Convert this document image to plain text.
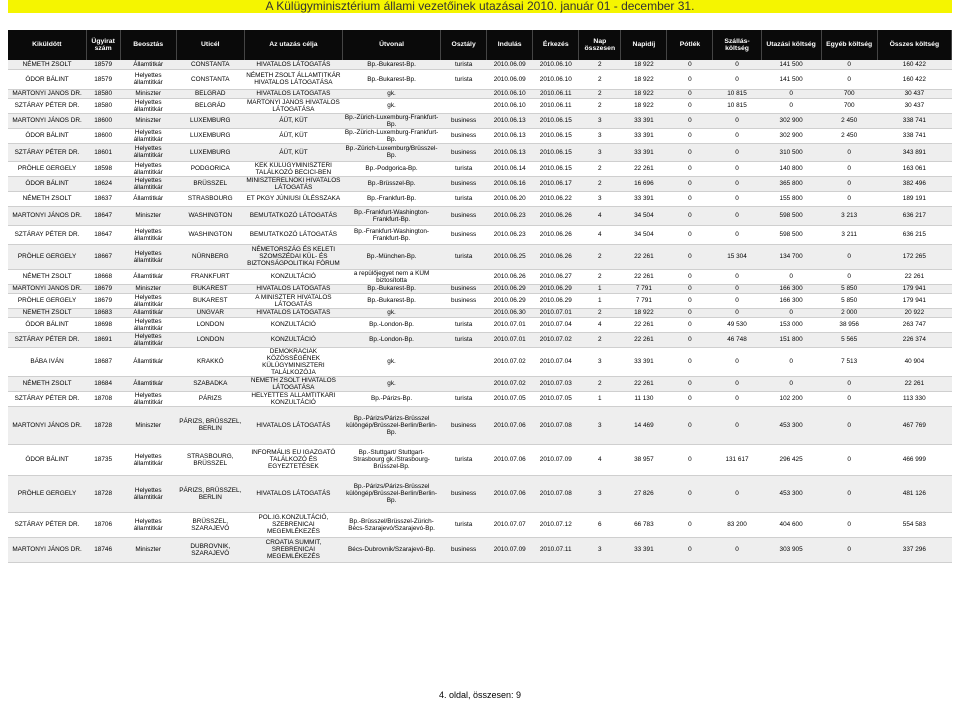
A Külügyminisztérium állami vezetőinek utazásai 2010. január 01 - december 31.
Kiküldött	Ügyirat szám	Beosztás	Uticél	Az utazás célja	Útvonal	Osztály	Indulás	Érkezés	Nap összesen	Napidíj	Pótlék	Szállás-költség	Utazási költség	Egyéb költség	Összes költség
NÉMETH ZSOLT	18579	Államtitkár	CONSTANTA	HIVATALOS LÁTOGATÁS	Bp.-Bukarest-Bp.	turista	2010.06.09	2010.06.10	2	18 922	0	0	141 500	0	160 422
ÓDOR BÁLINT	18579	Helyettes államtitkár	CONSTANTA	NÉMETH ZSOLT ÁLLAMTITKÁR HIVATALOS LÁTOGATÁSA	Bp.-Bukarest-Bp.	turista	2010.06.09	2010.06.10	2	18 922	0	0	141 500	0	160 422
MARTONYI JÁNOS DR.	18580	Miniszter	BELGRÁD	HIVATALOS LÁTOGATÁS	gk.		2010.06.10	2010.06.11	2	18 922	0	10 815	0	700	30 437
SZTÁRAY PÉTER DR.	18580	Helyettes államtitkár	BELGRÁD	MARTONYI JÁNOS HIVATALOS LÁTOGATÁSA	gk.		2010.06.10	2010.06.11	2	18 922	0	10 815	0	700	30 437
MARTONYI JÁNOS DR.	18600	Miniszter	LUXEMBURG	ÁÜT, KÜT	Bp.-Zürich-Luxemburg-Frankfurt-Bp.	business	2010.06.13	2010.06.15	3	33 391	0	0	302 900	2 450	338 741
ÓDOR BÁLINT	18600	Helyettes államtitkár	LUXEMBURG	ÁÜT, KÜT	Bp.-Zürich-Luxemburg-Frankfurt-Bp.	business	2010.06.13	2010.06.15	3	33 391	0	0	302 900	2 450	338 741
SZTÁRAY PÉTER DR.	18601	Helyettes államtitkár	LUXEMBURG	ÁÜT, KÜT	Bp.-Zürich-Luxemburg/Brüsszel-Bp.	business	2010.06.13	2010.06.15	3	33 391	0	0	310 500	0	343 891
PRÖHLE GERGELY	18598	Helyettes államtitkár	PODGORICA	KEK KÜLÜGYMINISZTERI TALÁLKOZÓ BECICI-BEN	Bp.-Podgorica-Bp.	turista	2010.06.14	2010.06.15	2	22 261	0	0	140 800	0	163 061
ÓDOR BÁLINT	18624	Helyettes államtitkár	BRÜSSZEL	MINISZTERELNÖKI HIVATALOS LÁTOGATÁS	Bp.-Brüsszel-Bp.	business	2010.06.16	2010.06.17	2	16 696	0	0	365 800	0	382 496
NÉMETH ZSOLT	18637	Államtitkár	STRASBOURG	ET PKGY JÚNIUSI ÜLÉSSZAKA	Bp.-Frankfurt-Bp.	turista	2010.06.20	2010.06.22	3	33 391	0	0	155 800	0	189 191
MARTONYI JÁNOS DR.	18647	Miniszter	WASHINGTON	BEMUTATKOZÓ LÁTOGATÁS	Bp.-Frankfurt-Washington-Frankfurt-Bp.	business	2010.06.23	2010.06.26	4	34 504	0	0	598 500	3 213	636 217
SZTÁRAY PÉTER DR.	18647	Helyettes államtitkár	WASHINGTON	BEMUTATKOZÓ LÁTOGATÁS	Bp.-Frankfurt-Washington-Frankfurt-Bp.	business	2010.06.23	2010.06.26	4	34 504	0	0	598 500	3 211	636 215
PRÖHLE GERGELY	18667	Helyettes államtitkár	NÜRNBERG	NÉMETORSZÁG ÉS KELETI SZOMSZÉDAI KÜL- ÉS BIZTONSÁGPOLITIKAI FÓRUM	Bp.-München-Bp.	turista	2010.06.25	2010.06.26	2	22 261	0	15 304	134 700	0	172 265
NÉMETH ZSOLT	18668	Államtitkár	FRANKFURT	KONZULTÁCIÓ	a repülőjegyet nem a KÜM biztosította		2010.06.26	2010.06.27	2	22 261	0	0	0	0	22 261
MARTONYI JÁNOS DR.	18679	Miniszter	BUKAREST	HIVATALOS LÁTOGATÁS	Bp.-Bukarest-Bp.	business	2010.06.29	2010.06.29	1	7 791	0	0	166 300	5 850	179 941
PRÖHLE GERGELY	18679	Helyettes államtitkár	BUKAREST	A MINISZTER HIVATALOS LÁTOGATÁS	Bp.-Bukarest-Bp.	business	2010.06.29	2010.06.29	1	7 791	0	0	166 300	5 850	179 941
NÉMETH ZSOLT	18683	Államtitkár	UNGVÁR	HIVATALOS LÁTOGATÁS	gk.		2010.06.30	2010.07.01	2	18 922	0	0	0	2 000	20 922
ÓDOR BÁLINT	18698	Helyettes államtitkár	LONDON	KONZULTÁCIÓ	Bp.-London-Bp.	turista	2010.07.01	2010.07.04	4	22 261	0	49 530	153 000	38 956	263 747
SZTÁRAY PÉTER DR.	18691	Helyettes államtitkár	LONDON	KONZULTÁCIÓ	Bp.-London-Bp.	turista	2010.07.01	2010.07.02	2	22 261	0	46 748	151 800	5 565	226 374
BÁBA IVÁN	18687	Államtitkár	KRAKKÓ	DEMOKRÁCIÁK KÖZÖSSÉGÉNEK KÜLÜGYMINISZTERI TALÁLKOZÓJA	gk.		2010.07.02	2010.07.04	3	33 391	0	0	0	7 513	40 904
NÉMETH ZSOLT	18684	Államtitkár	SZABADKA	NÉMETH ZSOLT HIVATALOS LÁTOGATÁSA	gk.		2010.07.02	2010.07.03	2	22 261	0	0	0	0	22 261
SZTÁRAY PÉTER DR.	18708	Helyettes államtitkár	PÁRIZS	HELYETTES ÁLLAMTITKÁRI KONZULTÁCIÓ	Bp.-Párizs-Bp.	turista	2010.07.05	2010.07.05	1	11 130	0	0	102 200	0	113 330
MARTONYI JÁNOS DR.	18728	Miniszter	PÁRIZS, BRÜSSZEL, BERLIN	HIVATALOS LÁTOGATÁS	Bp.-Párizs/Párizs-Brüsszel különgép/Brüsszel-Berlin/Berlin-Bp.	business	2010.07.06	2010.07.08	3	14 469	0	0	453 300	0	467 769
ÓDOR BÁLINT	18735	Helyettes államtitkár	STRASBOURG, BRÜSSZEL	INFORMÁLIS EU IGAZGATÓ TALÁLKOZÓ ÉS EGYEZTETÉSEK	Bp.-Stuttgart/ Stuttgart-Strasbourg gk./Strasbourg-Brüsszel-Bp.	turista	2010.07.06	2010.07.09	4	38 957	0	131 617	296 425	0	466 999
PRÖHLE GERGELY	18728	Helyettes államtitkár	PÁRIZS, BRÜSSZEL, BERLIN	HIVATALOS LÁTOGATÁS	Bp.-Párizs/Párizs-Brüsszel különgép/Brüsszel-Berlin/Berlin-Bp.	business	2010.07.06	2010.07.08	3	27 826	0	0	453 300	0	481 126
SZTÁRAY PÉTER DR.	18706	Helyettes államtitkár	BRÜSSZEL, SZARAJEVÓ	POL.IG.KONZULTÁCIÓ, SZEBRENICAI MEGEMLÉKEZÉS	Bp.-Brüsszel/Brüsszel-Zürich-Bécs-Szarajevó/Szarajevó-Bp.	turista	2010.07.07	2010.07.12	6	66 783	0	83 200	404 600	0	554 583
MARTONYI JÁNOS DR.	18746	Miniszter	DUBROVNIK, SZARAJEVÓ	CROATIA SUMMIT, SREBRENICAI MEGEMLÉKEZÉS	Bécs-Dubrovnik/Szarajevó-Bp.	business	2010.07.09	2010.07.11	3	33 391	0	0	303 905	0	337 296
4. oldal, összesen: 9
